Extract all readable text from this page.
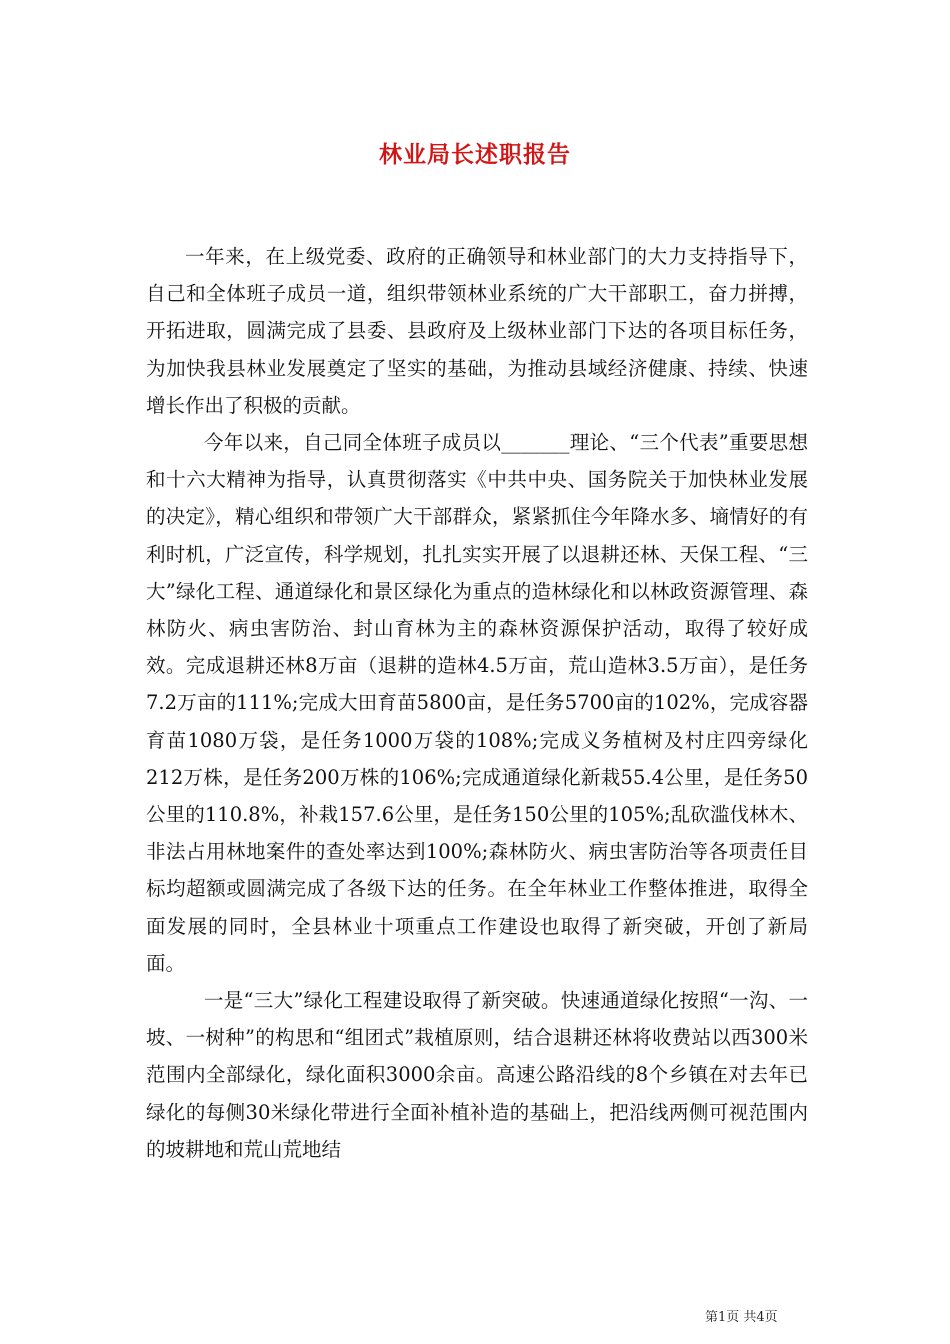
林业局长述职报告

一年来，在上级党委、政府的正确领导和林业部门的大力支持指导下，自己和全体班子成员一道，组织带领林业系统的广大干部职工，奋力拼搏，开拓进取，圆满完成了县委、县政府及上级林业部门下达的各项目标任务，为加快我县林业发展奠定了坚实的基础，为推动县域经济健康、持续、快速增长作出了积极的贡献。

今年以来，自己同全体班子成员以_______理论、“三个代表”重要思想和十六大精神为指导，认真贯彻落实《中共中央、国务院关于加快林业发展的决定》，精心组织和带领广大干部群众，紧紧抓住今年降水多、墒情好的有利时机，广泛宣传，科学规划，扎扎实实开展了以退耕还林、天保工程、“三大”绿化工程、通道绿化和景区绿化为重点的造林绿化和以林政资源管理、森林防火、病虫害防治、封山育林为主的森林资源保护活动，取得了较好成效。完成退耕还林8万亩（退耕的造林4.5万亩，荒山造林3.5万亩），是任务7.2万亩的111%;完成大田育苗5800亩，是任务5700亩的102%，完成容器育苗1080万袋，是任务1000万袋的108%;完成义务植树及村庄四旁绿化212万株，是任务200万株的106%;完成通道绿化新栽55.4公里，是任务50公里的110.8%，补栽157.6公里，是任务150公里的105%;乱砍滥伐林木、非法占用林地案件的查处率达到100%;森林防火、病虫害防治等各项责任目标均超额或圆满完成了各级下达的任务。在全年林业工作整体推进，取得全面发展的同时，全县林业十项重点工作建设也取得了新突破，开创了新局面。

一是“三大”绿化工程建设取得了新突破。快速通道绿化按照“一沟、一坡、一树种”的构思和“组团式”栽植原则，结合退耕还林将收费站以西300米范围内全部绿化，绿化面积3000余亩。高速公路沿线的8个乡镇在对去年已绿化的每侧30米绿化带进行全面补植补造的基础上，把沿线两侧可视范围内的坡耕地和荒山荒地结

第1页 共4页
